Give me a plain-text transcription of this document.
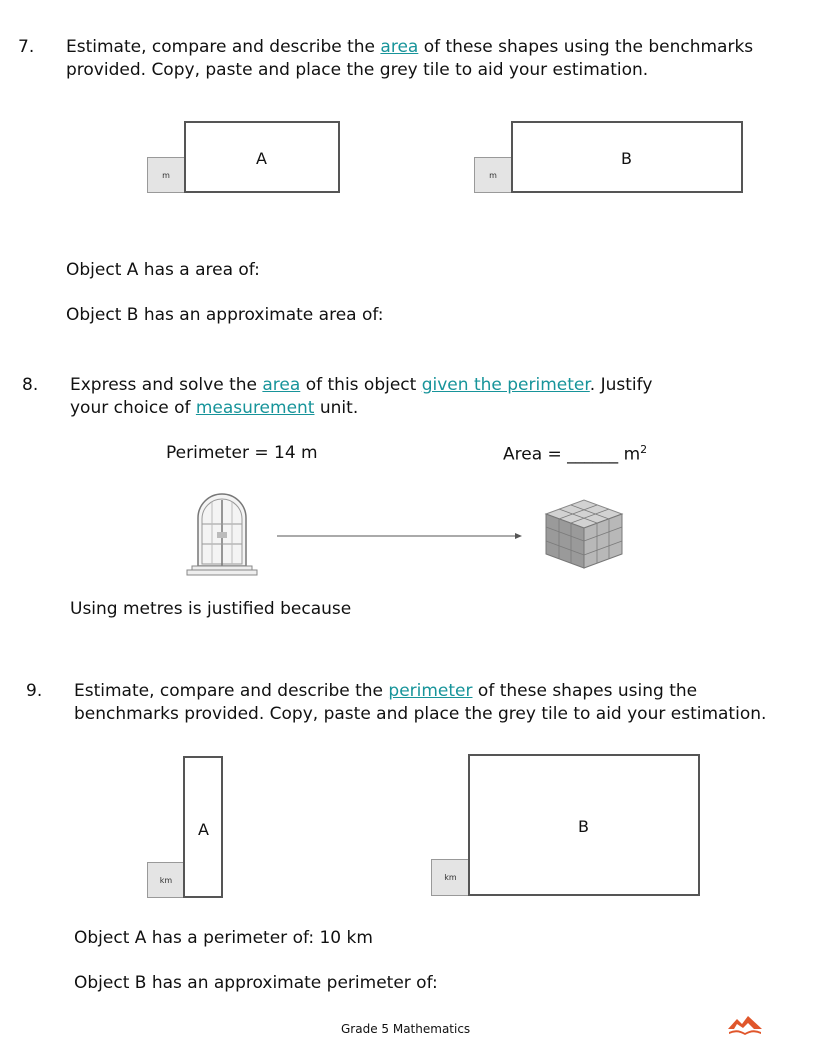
7. Estimate, compare and describe the area of these shapes using the benchmarks
provided. Copy, paste and place the grey tile to aid your estimation.
m
A
m
B
Object A has a area of:
Object B has an approximate area of:
8. Express and solve the area of this object given the perimeter. Justify
your choice of measurement unit.
Perimeter = 14 m	Area = ______ $m^2$
Using metres is justified because
9. Estimate, compare and describe the perimeter of these shapes using the
benchmarks provided. Copy, paste and place the grey tile to aid your estimation.
km
A
km
B
Object A has a perimeter of: 10 km
Object B has an approximate perimeter of:
Grade 5 Mathematics
